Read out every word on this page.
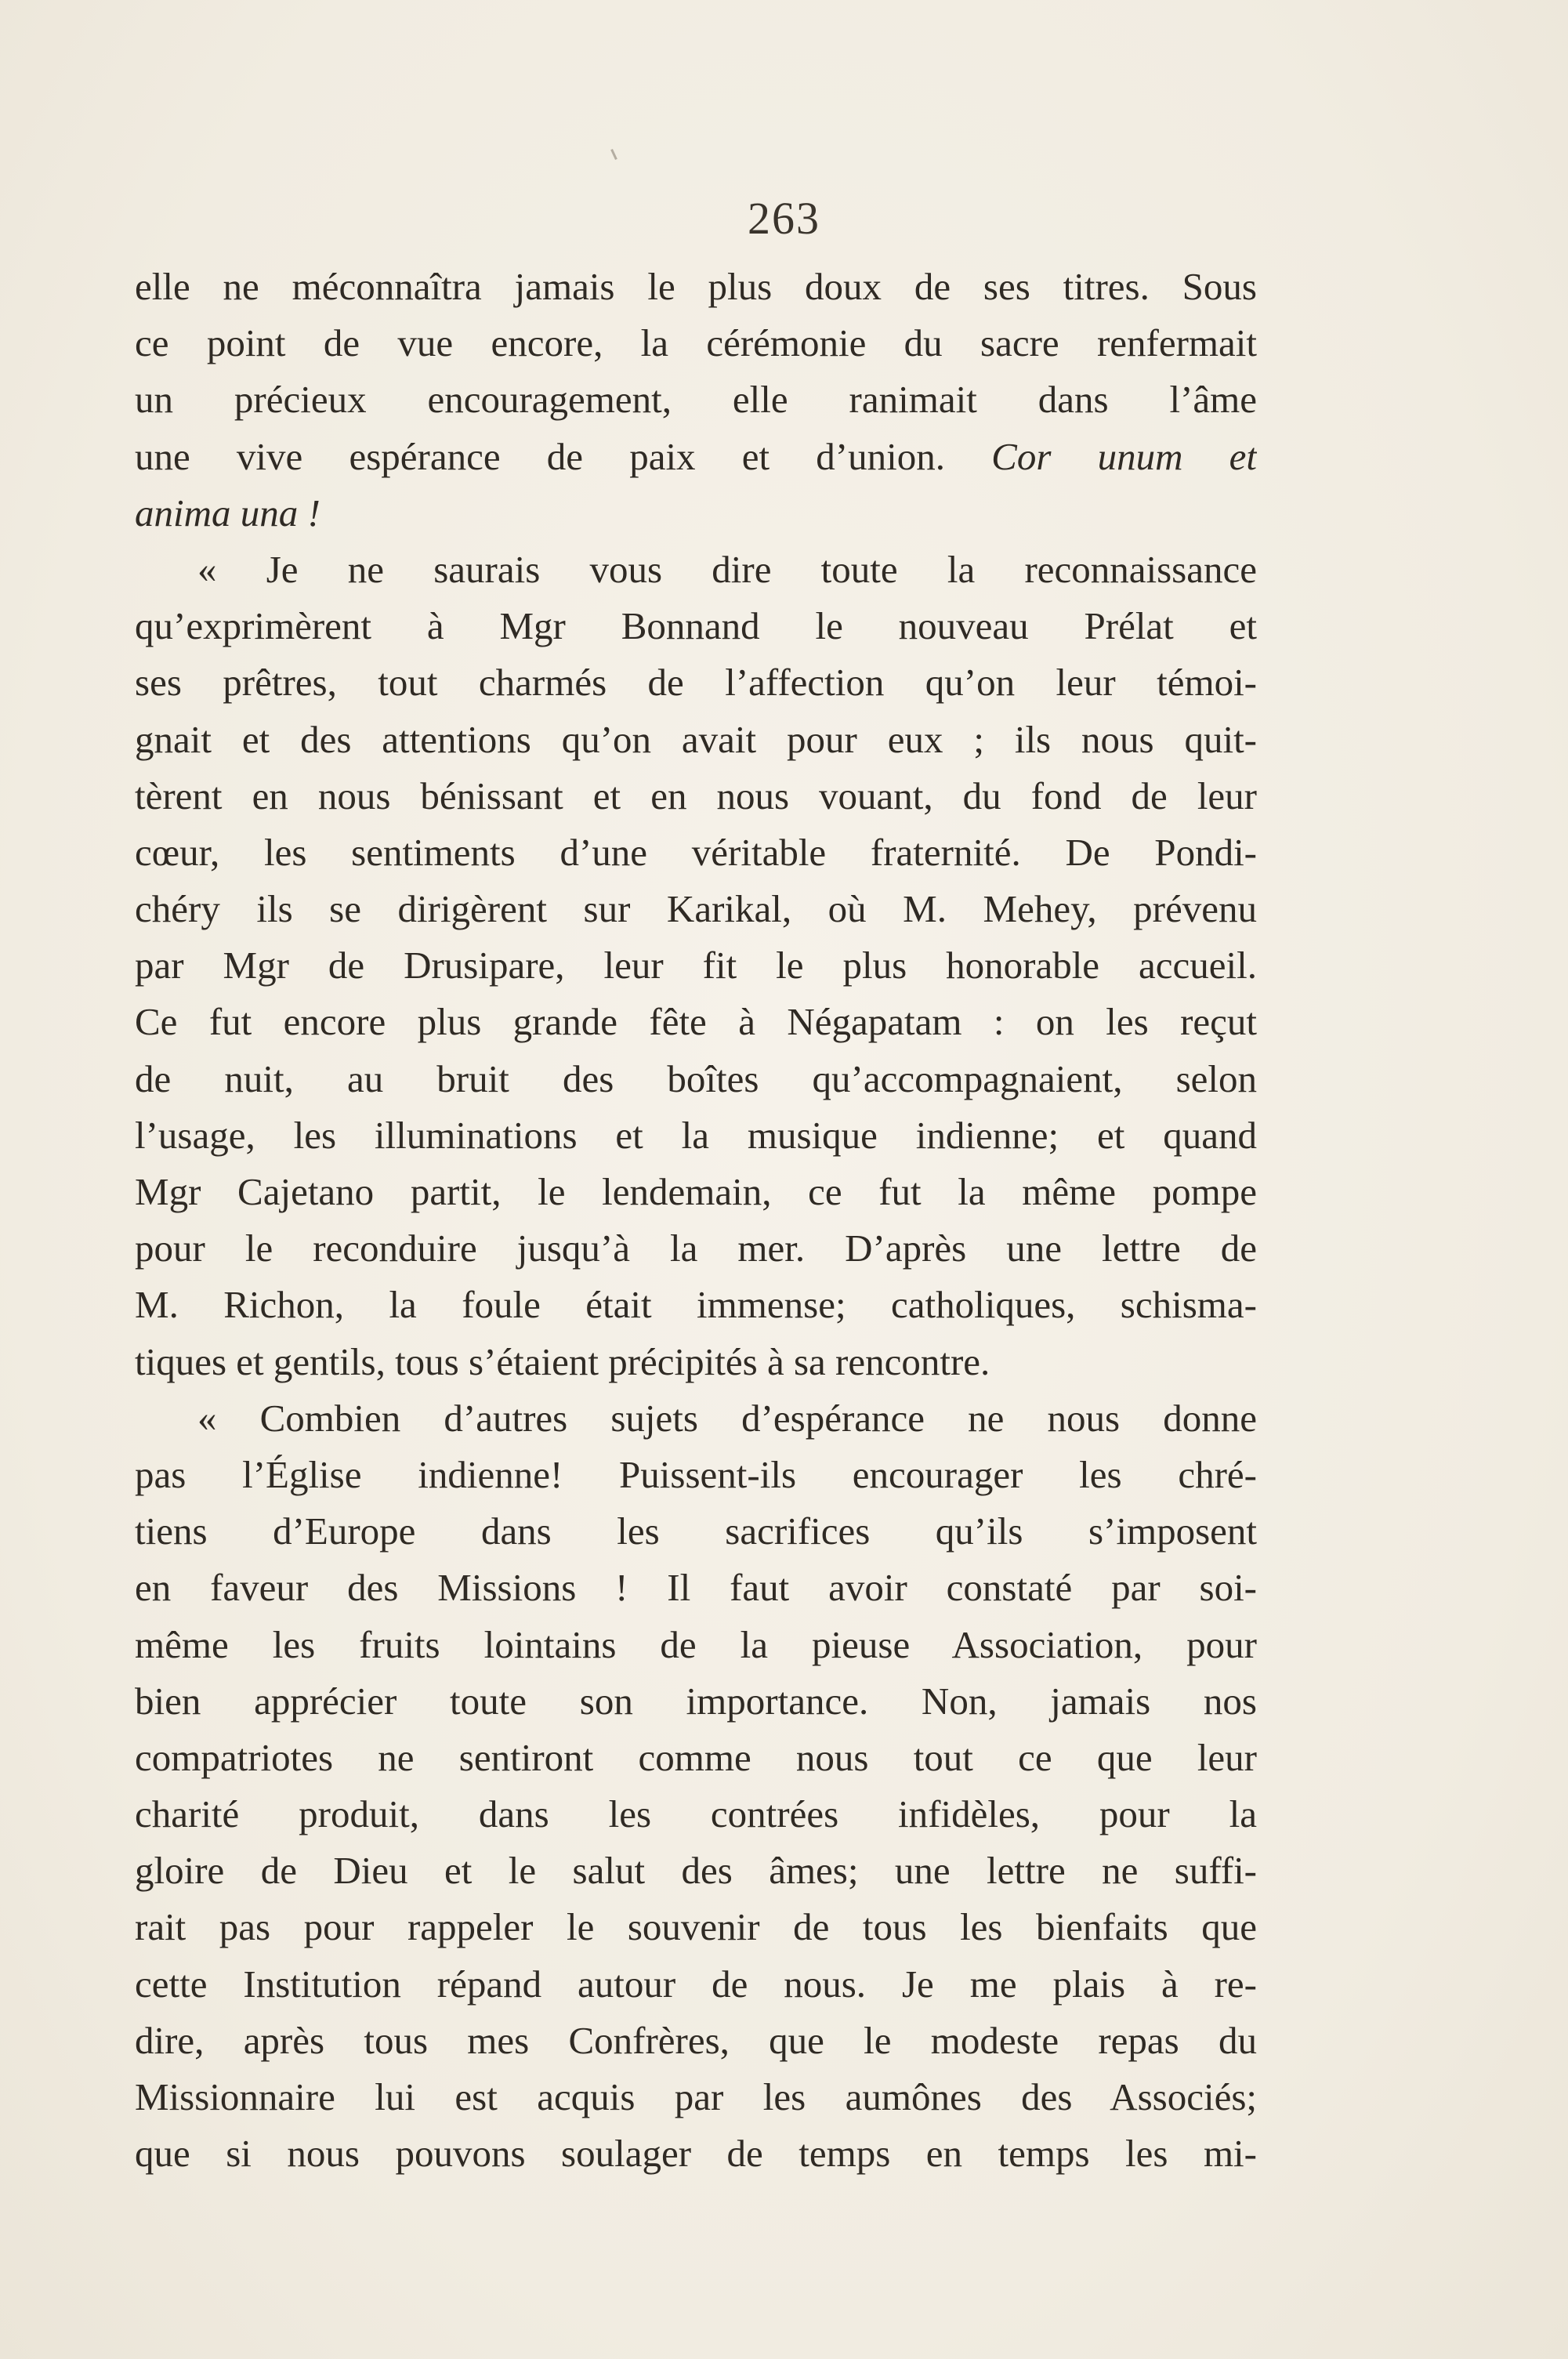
263
elle ne méconnaîtra jamais le plus doux de ses titres. Sous
ce point de vue encore, la cérémonie du sacre renfermait
un précieux encouragement, elle ranimait dans l’âme
une vive espérance de paix et d’union. Cor unum et
anima una !
« Je ne saurais vous dire toute la reconnaissance
qu’exprimèrent à Mgr Bonnand le nouveau Prélat et
ses prêtres, tout charmés de l’affection qu’on leur témoi-
gnait et des attentions qu’on avait pour eux ; ils nous quit-
tèrent en nous bénissant et en nous vouant, du fond de leur
cœur, les sentiments d’une véritable fraternité. De Pondi-
chéry ils se dirigèrent sur Karikal, où M. Mehey, prévenu
par Mgr de Drusipare, leur fit le plus honorable accueil.
Ce fut encore plus grande fête à Négapatam : on les reçut
de nuit, au bruit des boîtes qu’accompagnaient, selon
l’usage, les illuminations et la musique indienne; et quand
Mgr Cajetano partit, le lendemain, ce fut la même pompe
pour le reconduire jusqu’à la mer. D’après une lettre de
M. Richon, la foule était immense; catholiques, schisma-
tiques et gentils, tous s’étaient précipités à sa rencontre.
« Combien d’autres sujets d’espérance ne nous donne
pas l’Église indienne! Puissent-ils encourager les chré-
tiens d’Europe dans les sacrifices qu’ils s’imposent
en faveur des Missions ! Il faut avoir constaté par soi-
même les fruits lointains de la pieuse Association, pour
bien apprécier toute son importance. Non, jamais nos
compatriotes ne sentiront comme nous tout ce que leur
charité produit, dans les contrées infidèles, pour la
gloire de Dieu et le salut des âmes; une lettre ne suffi-
rait pas pour rappeler le souvenir de tous les bienfaits que
cette Institution répand autour de nous. Je me plais à re-
dire, après tous mes Confrères, que le modeste repas du
Missionnaire lui est acquis par les aumônes des Associés;
que si nous pouvons soulager de temps en temps les mi-
